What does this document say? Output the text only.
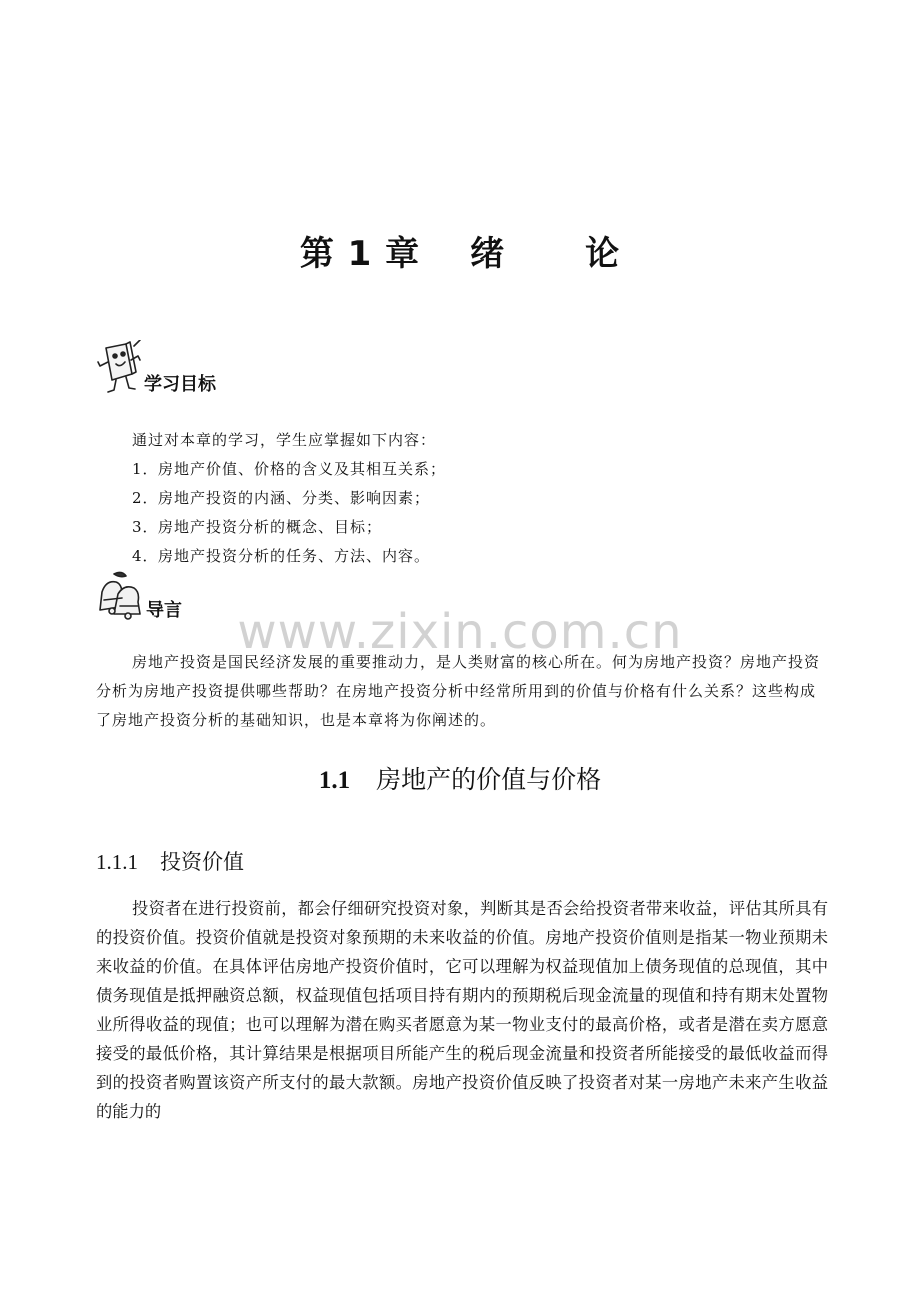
第 1 章 绪 论
学习目标
通过对本章的学习，学生应掌握如下内容：
1．房地产价值、价格的含义及其相互关系；
2．房地产投资的内涵、分类、影响因素；
3．房地产投资分析的概念、目标；
4．房地产投资分析的任务、方法、内容。
www.zixin.com.cn
导言

房地产投资是国民经济发展的重要推动力，是人类财富的核心所在。何为房地产投资？房地产投资分析为房地产投资提供哪些帮助？在房地产投资分析中经常所用到的价值与价格有什么关系？这些构成了房地产投资分析的基础知识，也是本章将为你阐述的。

1.1 房地产的价值与价格
1.1.1 投资价值

投资者在进行投资前，都会仔细研究投资对象，判断其是否会给投资者带来收益，评估其所具有的投资价值。投资价值就是投资对象预期的未来收益的价值。房地产投资价值则是指某一物业预期未来收益的价值。在具体评估房地产投资价值时，它可以理解为权益现值加上债务现值的总现值，其中债务现值是抵押融资总额，权益现值包括项目持有期内的预期税后现金流量的现值和持有期末处置物业所得收益的现值；也可以理解为潜在购买者愿意为某一物业支付的最高价格，或者是潜在卖方愿意接受的最低价格，其计算结果是根据项目所能产生的税后现金流量和投资者所能接受的最低收益而得到的投资者购置该资产所支付的最大款额。房地产投资价值反映了投资者对某一房地产未来产生收益的能力的
